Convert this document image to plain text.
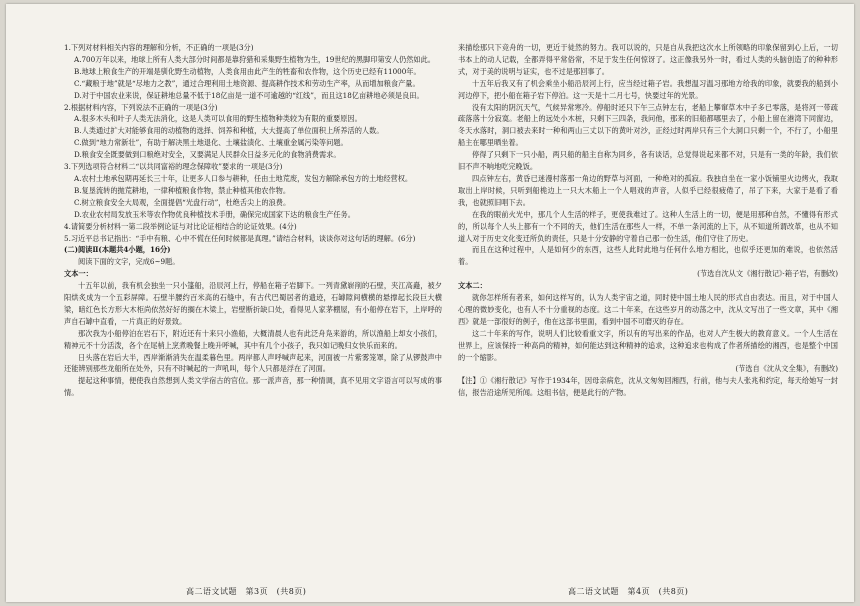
1.下列对材料相关内容的理解和分析，不正确的一项是(3分)

A.700万年以来，地球上所有人类大部分时间都是靠狩猎和采集野生植物为生，19世纪的黑脚印第安人仍然如此。

B.地球上粮食生产的开端是驯化野生动植物，人类食用由此产生的牲畜和农作物，这个历史已经有11000年。

C.“藏粮于地”就是“尽地力之教”，通过合理利用土地资源、提高耕作技术和劳动生产率，从而增加粮食产量。

D.对于中国农业来说，保证耕地总量不低于18亿亩是一道不可逾越的“红线”，而且这18亿亩耕地必须是良田。

2.根据材料内容，下列说法不正确的一项是(3分)

A.很多木头和叶子人类无法消化，这是人类可以食用的野生植物种类较为有限的重要原因。

B.人类通过扩大对能够食用的动植物的选择、饲养和种植，大大提高了单位面积上所养活的人数。

C.做到“地力常新壮”，有助于解决黑土地退化、土壤盐渍化、土壤重金属污染等问题。

D.粮食安全既要做到口粮绝对安全，又要满足人民群众日益多元化的食物消费需求。

3.下列选项符合材料二“以共同富裕的理念保障收”要求的一项是(3分)

A.农村土地承包期再延长三十年，让更多人口参与耕种，任由土地荒废，发包方解除承包方的土地经营权。

B.复垦流转的抛荒耕地，一律种植粮食作物，禁止种植其他农作物。

C.树立粮食安全大局观，全面提倡“光盘行动”，杜绝舌尖上的浪费。

D.农业农村局发放玉米等农作物优良种植技术手册，确保完成国家下达的粮食生产任务。

4.请简要分析材料一第二段举例论证与对比论证相结合的论证效果。(4分)

5.习近平总书记指出：“手中有粮、心中不慌在任何时候都是真理。”请结合材料，谈谈你对这句话的理解。(6分)

(二)阅读Ⅱ(本题共4小题，16分)

阅读下面的文字，完成6~9题。

文本一：

十五年以前，我有机会独坐一只小篷船，沿辰河上行，停船在箱子岩脚下。一列青黛崭削的石壁，夹江高矗，被夕阳烘炙成为一个五彩屏障。石壁半腰约百米高的石缝中，有古代巴蜀居者的遗迹，石罅隙间横横的悬撑起长段巨大横梁，暗红色长方形大木柜尚依然好好的搁在木梁上，岩壁断折缺口处，看得见人家茅棚屋，有小船停在岩下，上岸呼的声自石罅中直看，一片真正的好景致。

那次我为小船停泊在岩石下，附近还有十来只小渔船，大概清晨人也有此泛舟凫来游的，所以渔船上却女小孩们，精神元不十分活泼，各个在尾梢上烹煮晚餐上晚升呼喊，其中有几个小孩子，我只如记晚归女快乐而来的。

日头落在岩后大半，西岸渐渐消失在温柔暮色里。两岸都人声呼喊声起来，河面被一片紫雾笼罩，除了从锣鼓声中还能辨别那些龙船所在处外，只有不时喊起的一声吼叫，每个人只都是浮在了河面。

提起这种事情，便使我自然想到人类文学宿古的官位。那一派声音，那一种情调，真不见用文字语言可以写成的事情。

来描绘那只下竞舟的一切，更近于徒然的努力。我可以说的，只是自从我把这次水上所领略的印象保留到心上后，一切书本上的动人记载，全都弄得平常俗常，不足于发生任何惊讶了。这正像我另外一时，看过人类的头脑创造了的种种形式，对于美的说明与证实，也不过是那回事了。

十五年后我又有了机会乘坐小船沿辰河上行，应当经过箱子岩。我想温习温习那地方给我的印象，就要我的船到小河边停下，把小船在箱子岩下停泊。这一天是十二月七号，快要过年的光景。

没有太阳的阴沉天气，气候异常寒冷。停船时还只下午三点钟左右，老船上攀窜草木中子多已零落，是将河一带疏疏落落十分寂寞。老船上的远处小木桩，只剩下三四条，我问他，那来的旧船都哪里去了，小船上留在港湾下同窗边，冬天水落时，洞口被去来时一种和两山三丈以下的黄叶对沙，正经过时两岸只有三个大洞口只剩一个，不行了，小船里船主在哪里晒坐着。

停得了只剩下一只小船，两只船的船主自称为同乡，各有谈话，总觉得说起来都不对，只是有一类的年龄，我们依旧不声不响地吃完晚饭。

四点钟左右，黄昏已迷漫村落那一角边的野草与河面，一种绝对的孤寂。我独自坐在一家小饭铺里火边烤火，我取取出上岸时候，只听到船桅边上一只大木船上一个人唱戏的声音，人似乎已经很疲倦了，吊了下来，大家于是看了看我，也就照旧唱下去。

在我的眼前火光中，那几个人生活的样子，更使我难过了。这种人生活上的一切，便是用那种自然，不懂得有形式的，所以每个人头上都有一个不同的天，他们生活在那些人一样，不单一条河流的上下，从不知道所谓改革，也从不知道人对于历史文化变迁所负的责任，只是十分安静的守着自己那一份生活，他们守住了历史。

而且在这种过程中，人是如何少的东西，这些人此时此地与任何什么地方相比，也似乎还更加的难说，也依然活着。

(节选自沈从文《湘行散记》·箱子岩，有删改)

文本二：

就你怎样所有者来，如何这样写的，认为人类宇宙之道，同时使中国土地人民的形式自由表达。而且，对于中国人心理的微妙变化，也有人不十分重视的态度。这二十年来，在这些岁月的动荡之中，沈从文写出了一些文章，其中《湘西》就是一部很好的例子，他在这部书里面，看到中国不可磨灭的存在。

这二十年来的写作，说明人们比较看重文字，所以有的写出来的作品，也对人产生极大的教育意义。一个人生活在世界上，应该保持一种高尚的精神，如何能达到这种精神的追求，这种追求也构成了作者所描绘的湘西，也是整个中国的一个缩影。

(节选自《沈从文全集》，有删改)

【注】①《湘行散记》写作于1934年，因母亲病危，沈从文匆匆回湘西，行前，他与夫人张兆和约定，每天给她写一封信，报告沿途所见所闻。这组书信，便是此行的产物。

高二语文试题　第3页　(共8页)	高二语文试题　第4页　(共8页)
